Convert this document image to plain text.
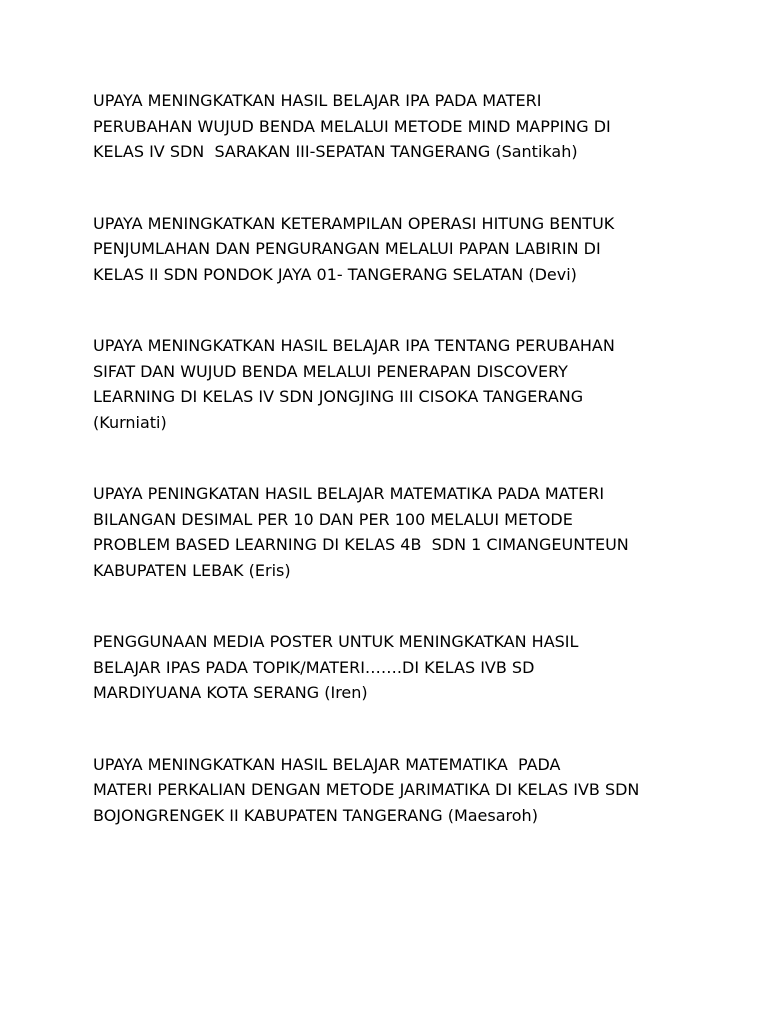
UPAYA MENINGKATKAN HASIL BELAJAR IPA PADA MATERI
PERUBAHAN WUJUD BENDA MELALUI METODE MIND MAPPING DI
KELAS IV SDN  SARAKAN III-SEPATAN TANGERANG (Santikah)
UPAYA MENINGKATKAN KETERAMPILAN OPERASI HITUNG BENTUK
PENJUMLAHAN DAN PENGURANGAN MELALUI PAPAN LABIRIN DI
KELAS II SDN PONDOK JAYA 01- TANGERANG SELATAN (Devi)
UPAYA MENINGKATKAN HASIL BELAJAR IPA TENTANG PERUBAHAN
SIFAT DAN WUJUD BENDA MELALUI PENERAPAN DISCOVERY
LEARNING DI KELAS IV SDN JONGJING III CISOKA TANGERANG
(Kurniati)
UPAYA PENINGKATAN HASIL BELAJAR MATEMATIKA PADA MATERI
BILANGAN DESIMAL PER 10 DAN PER 100 MELALUI METODE
PROBLEM BASED LEARNING DI KELAS 4B  SDN 1 CIMANGEUNTEUN
KABUPATEN LEBAK (Eris)
PENGGUNAAN MEDIA POSTER UNTUK MENINGKATKAN HASIL
BELAJAR IPAS PADA TOPIK/MATERI…….DI KELAS IVB SD
MARDIYUANA KOTA SERANG (Iren)
UPAYA MENINGKATKAN HASIL BELAJAR MATEMATIKA  PADA
MATERI PERKALIAN DENGAN METODE JARIMATIKA DI KELAS IVB SDN
BOJONGRENGEK II KABUPATEN TANGERANG (Maesaroh)
